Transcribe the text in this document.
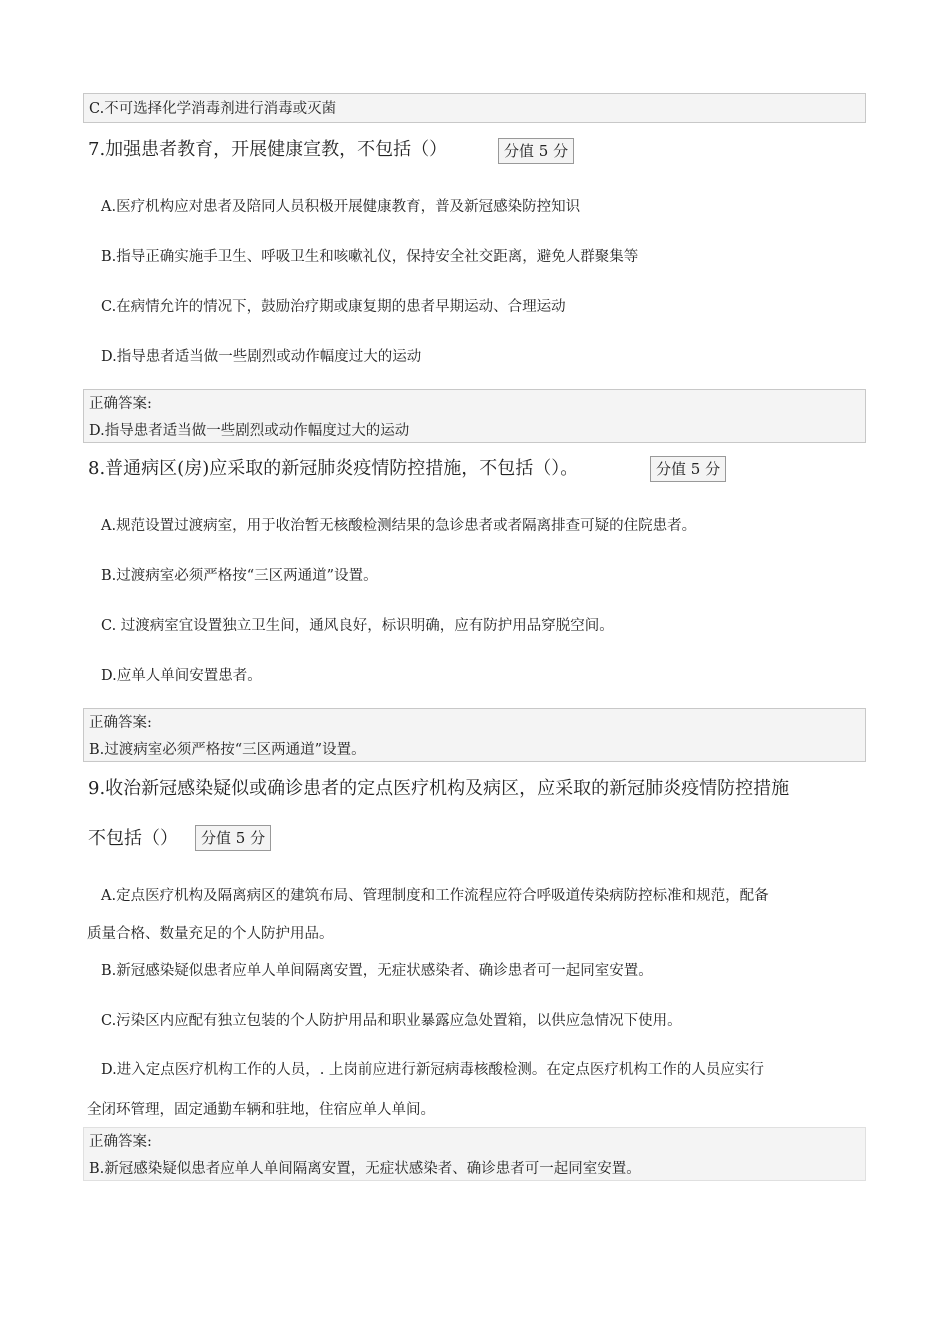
C.不可选择化学消毒剂进行消毒或灭菌
7.加强患者教育，开展健康宣教，不包括（）	分值 5 分
A.医疗机构应对患者及陪同人员积极开展健康教育，普及新冠感染防控知识
B.指导正确实施手卫生、呼吸卫生和咳嗽礼仪，保持安全社交距离，避免人群聚集等
C.在病情允许的情况下，鼓励治疗期或康复期的患者早期运动、合理运动
D.指导患者适当做一些剧烈或动作幅度过大的运动
正确答案:
D.指导患者适当做一些剧烈或动作幅度过大的运动
8.普通病区(房)应采取的新冠肺炎疫情防控措施，不包括（）。	分值 5 分
A.规范设置过渡病室，用于收治暂无核酸检测结果的急诊患者或者隔离排查可疑的住院患者。
B.过渡病室必须严格按“三区两通道”设置。
C. 过渡病室宜设置独立卫生间，通风良好，标识明确，应有防护用品穿脱空间。
D.应单人单间安置患者。
正确答案:
B.过渡病室必须严格按“三区两通道”设置。
9.收治新冠感染疑似或确诊患者的定点医疗机构及病区，应采取的新冠肺炎疫情防控措施
不包括（）	分值 5 分
A.定点医疗机构及隔离病区的建筑布局、管理制度和工作流程应符合呼吸道传染病防控标准和规范，配备
质量合格、数量充足的个人防护用品。
B.新冠感染疑似患者应单人单间隔离安置，无症状感染者、确诊患者可一起同室安置。
C.污染区内应配有独立包装的个人防护用品和职业暴露应急处置箱，以供应急情况下使用。
D.进入定点医疗机构工作的人员，. 上岗前应进行新冠病毒核酸检测。在定点医疗机构工作的人员应实行
全闭环管理，固定通勤车辆和驻地，住宿应单人单间。
正确答案:
B.新冠感染疑似患者应单人单间隔离安置，无症状感染者、确诊患者可一起同室安置。
